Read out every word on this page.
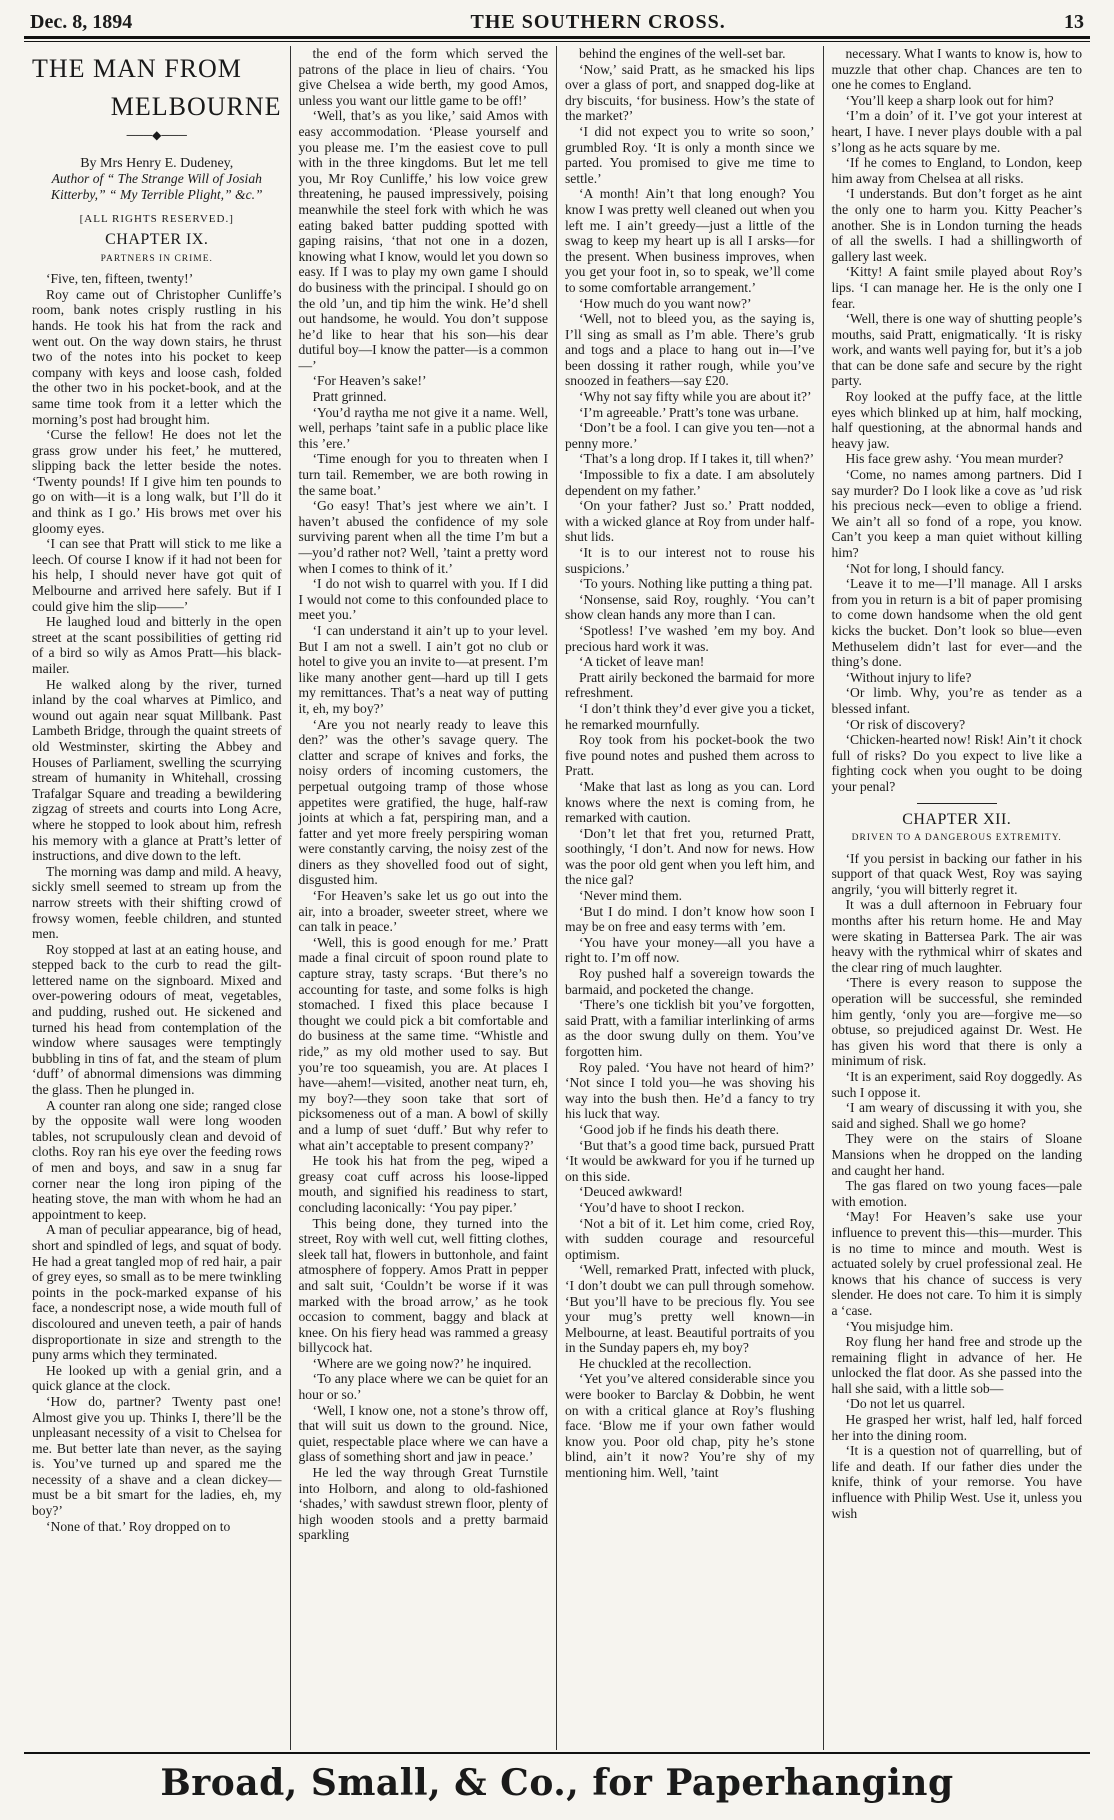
Dec. 8, 1894	THE SOUTHERN CROSS.	13
THE MAN FROM
MELBOURNE
───◆───
By Mrs Henry E. Dudeney,
Author of “ The Strange Will of Josiah Kitterby,” “ My Terrible Plight,” &c.”
[ALL RIGHTS RESERVED.]
CHAPTER IX.
PARTNERS IN CRIME.

‘Five, ten, fifteen, twenty!’

Roy came out of Christopher Cunliffe’s room, bank notes crisply rustling in his hands. He took his hat from the rack and went out. On the way down stairs, he thrust two of the notes into his pocket to keep company with keys and loose cash, folded the other two in his pocket-book, and at the same time took from it a letter which the morning’s post had brought him.

‘Curse the fellow! He does not let the grass grow under his feet,’ he muttered, slipping back the letter beside the notes. ‘Twenty pounds! If I give him ten pounds to go on with—it is a long walk, but I’ll do it and think as I go.’ His brows met over his gloomy eyes.

‘I can see that Pratt will stick to me like a leech. Of course I know if it had not been for his help, I should never have got quit of Melbourne and arrived here safely. But if I could give him the slip——’

He laughed loud and bitterly in the open street at the scant possibilities of getting rid of a bird so wily as Amos Pratt—his black-mailer.

He walked along by the river, turned inland by the coal wharves at Pimlico, and wound out again near squat Millbank. Past Lambeth Bridge, through the quaint streets of old Westminster, skirting the Abbey and Houses of Parliament, swelling the scurrying stream of humanity in Whitehall, crossing Trafalgar Square and treading a bewildering zigzag of streets and courts into Long Acre, where he stopped to look about him, refresh his memory with a glance at Pratt’s letter of instructions, and dive down to the left.

The morning was damp and mild. A heavy, sickly smell seemed to stream up from the narrow streets with their shifting crowd of frowsy women, feeble children, and stunted men.

Roy stopped at last at an eating house, and stepped back to the curb to read the gilt-lettered name on the signboard. Mixed and over-powering odours of meat, vegetables, and pudding, rushed out. He sickened and turned his head from contemplation of the window where sausages were temptingly bubbling in tins of fat, and the steam of plum ‘duff’ of abnormal dimensions was dimming the glass. Then he plunged in.

A counter ran along one side; ranged close by the opposite wall were long wooden tables, not scrupulously clean and devoid of cloths. Roy ran his eye over the feeding rows of men and boys, and saw in a snug far corner near the long iron piping of the heating stove, the man with whom he had an appointment to keep.

A man of peculiar appearance, big of head, short and spindled of legs, and squat of body. He had a great tangled mop of red hair, a pair of grey eyes, so small as to be mere twinkling points in the pock-marked expanse of his face, a nondescript nose, a wide mouth full of discoloured and uneven teeth, a pair of hands disproportionate in size and strength to the puny arms which they terminated.

He looked up with a genial grin, and a quick glance at the clock.

‘How do, partner? Twenty past one! Almost give you up. Thinks I, there’ll be the unpleasant necessity of a visit to Chelsea for me. But better late than never, as the saying is. You’ve turned up and spared me the necessity of a shave and a clean dickey—must be a bit smart for the ladies, eh, my boy?’

‘None of that.’ Roy dropped on to

the end of the form which served the patrons of the place in lieu of chairs. ‘You give Chelsea a wide berth, my good Amos, unless you want our little game to be off!’

‘Well, that’s as you like,’ said Amos with easy accommodation. ‘Please yourself and you please me. I’m the easiest cove to pull with in the three kingdoms. But let me tell you, Mr Roy Cunliffe,’ his low voice grew threatening, he paused impressively, poising meanwhile the steel fork with which he was eating baked batter pudding spotted with gaping raisins, ‘that not one in a dozen, knowing what I know, would let you down so easy. If I was to play my own game I should do business with the principal. I should go on the old ’un, and tip him the wink. He’d shell out handsome, he would. You don’t suppose he’d like to hear that his son—his dear dutiful boy—I know the patter—is a common—’

‘For Heaven’s sake!’

Pratt grinned.

‘You’d raytha me not give it a name. Well, well, perhaps ’taint safe in a public place like this ’ere.’

‘Time enough for you to threaten when I turn tail. Remember, we are both rowing in the same boat.’

‘Go easy! That’s jest where we ain’t. I haven’t abused the confidence of my sole surviving parent when all the time I’m but a—you’d rather not? Well, ’taint a pretty word when I comes to think of it.’

‘I do not wish to quarrel with you. If I did I would not come to this confounded place to meet you.’

‘I can understand it ain’t up to your level. But I am not a swell. I ain’t got no club or hotel to give you an invite to—at present. I’m like many another gent—hard up till I gets my remittances. That’s a neat way of putting it, eh, my boy?’

‘Are you not nearly ready to leave this den?’ was the other’s savage query. The clatter and scrape of knives and forks, the noisy orders of incoming customers, the perpetual outgoing tramp of those whose appetites were gratified, the huge, half-raw joints at which a fat, perspiring man, and a fatter and yet more freely perspiring woman were constantly carving, the noisy zest of the diners as they shovelled food out of sight, disgusted him.

‘For Heaven’s sake let us go out into the air, into a broader, sweeter street, where we can talk in peace.’

‘Well, this is good enough for me.’ Pratt made a final circuit of spoon round plate to capture stray, tasty scraps. ‘But there’s no accounting for taste, and some folks is high stomached. I fixed this place because I thought we could pick a bit comfortable and do business at the same time. “Whistle and ride,” as my old mother used to say. But you’re too squeamish, you are. At places I have—ahem!—visited, another neat turn, eh, my boy?—they soon take that sort of picksomeness out of a man. A bowl of skilly and a lump of suet ‘duff.’ But why refer to what ain’t acceptable to present company?’

He took his hat from the peg, wiped a greasy coat cuff across his loose-lipped mouth, and signified his readiness to start, concluding laconically: ‘You pay piper.’

This being done, they turned into the street, Roy with well cut, well fitting clothes, sleek tall hat, flowers in buttonhole, and faint atmosphere of foppery. Amos Pratt in pepper and salt suit, ‘Couldn’t be worse if it was marked with the broad arrow,’ as he took occasion to comment, baggy and black at knee. On his fiery head was rammed a greasy billycock hat.

‘Where are we going now?’ he inquired.

‘To any place where we can be quiet for an hour or so.’

‘Well, I know one, not a stone’s throw off, that will suit us down to the ground. Nice, quiet, respectable place where we can have a glass of something short and jaw in peace.’

He led the way through Great Turnstile into Holborn, and along to old-fashioned ‘shades,’ with sawdust strewn floor, plenty of high wooden stools and a pretty barmaid sparkling

behind the engines of the well-set bar.

‘Now,’ said Pratt, as he smacked his lips over a glass of port, and snapped dog-like at dry biscuits, ‘for business. How’s the state of the market?’

‘I did not expect you to write so soon,’ grumbled Roy. ‘It is only a month since we parted. You promised to give me time to settle.’

‘A month! Ain’t that long enough? You know I was pretty well cleaned out when you left me. I ain’t greedy—just a little of the swag to keep my heart up is all I arsks—for the present. When business improves, when you get your foot in, so to speak, we’ll come to some comfortable arrangement.’

‘How much do you want now?’

‘Well, not to bleed you, as the saying is, I’ll sing as small as I’m able. There’s grub and togs and a place to hang out in—I’ve been dossing it rather rough, while you’ve snoozed in feathers—say £20.

‘Why not say fifty while you are about it?’

‘I’m agreeable.’ Pratt’s tone was urbane.

‘Don’t be a fool. I can give you ten—not a penny more.’

‘That’s a long drop. If I takes it, till when?’

‘Impossible to fix a date. I am absolutely dependent on my father.’

‘On your father? Just so.’ Pratt nodded, with a wicked glance at Roy from under half-shut lids.

‘It is to our interest not to rouse his suspicions.’

‘To yours. Nothing like putting a thing pat.

‘Nonsense, said Roy, roughly. ‘You can’t show clean hands any more than I can.

‘Spotless! I’ve washed ’em my boy. And precious hard work it was.

‘A ticket of leave man!

Pratt airily beckoned the barmaid for more refreshment.

‘I don’t think they’d ever give you a ticket, he remarked mournfully.

Roy took from his pocket-book the two five pound notes and pushed them across to Pratt.

‘Make that last as long as you can. Lord knows where the next is coming from, he remarked with caution.

‘Don’t let that fret you, returned Pratt, soothingly, ‘I don’t. And now for news. How was the poor old gent when you left him, and the nice gal?

‘Never mind them.

‘But I do mind. I don’t know how soon I may be on free and easy terms with ’em.

‘You have your money—all you have a right to. I’m off now.

Roy pushed half a sovereign towards the barmaid, and pocketed the change.

‘There’s one ticklish bit you’ve forgotten, said Pratt, with a familiar interlinking of arms as the door swung dully on them. You’ve forgotten him.

Roy paled. ‘You have not heard of him?’ ‘Not since I told you—he was shoving his way into the bush then. He’d a fancy to try his luck that way.

‘Good job if he finds his death there.

‘But that’s a good time back, pursued Pratt ‘It would be awkward for you if he turned up on this side.

‘Deuced awkward!

‘You’d have to shoot I reckon.

‘Not a bit of it. Let him come, cried Roy, with sudden courage and resourceful optimism.

‘Well, remarked Pratt, infected with pluck, ‘I don’t doubt we can pull through somehow. ‘But you’ll have to be precious fly. You see your mug’s pretty well known—in Melbourne, at least. Beautiful portraits of you in the Sunday papers eh, my boy?

He chuckled at the recollection.

‘Yet you’ve altered considerable since you were booker to Barclay & Dobbin, he went on with a critical glance at Roy’s flushing face. ‘Blow me if your own father would know you. Poor old chap, pity he’s stone blind, ain’t it now? You’re shy of my mentioning him. Well, ’taint

necessary. What I wants to know is, how to muzzle that other chap. Chances are ten to one he comes to England.

‘You’ll keep a sharp look out for him?

‘I’m a doin’ of it. I’ve got your interest at heart, I have. I never plays double with a pal s’long as he acts square by me.

‘If he comes to England, to London, keep him away from Chelsea at all risks.

‘I understands. But don’t forget as he aint the only one to harm you. Kitty Peacher’s another. She is in London turning the heads of all the swells. I had a shillingworth of gallery last week.

‘Kitty! A faint smile played about Roy’s lips. ‘I can manage her. He is the only one I fear.

‘Well, there is one way of shutting people’s mouths, said Pratt, enigmatically. ‘It is risky work, and wants well paying for, but it’s a job that can be done safe and secure by the right party.

Roy looked at the puffy face, at the little eyes which blinked up at him, half mocking, half questioning, at the abnormal hands and heavy jaw.

His face grew ashy. ‘You mean murder?

‘Come, no names among partners. Did I say murder? Do I look like a cove as ’ud risk his precious neck—even to oblige a friend. We ain’t all so fond of a rope, you know. Can’t you keep a man quiet without killing him?

‘Not for long, I should fancy.

‘Leave it to me—I’ll manage. All I arsks from you in return is a bit of paper promising to come down handsome when the old gent kicks the bucket. Don’t look so blue—even Methuselem didn’t last for ever—and the thing’s done.

‘Without injury to life?

‘Or limb. Why, you’re as tender as a blessed infant.

‘Or risk of discovery?

‘Chicken-hearted now! Risk! Ain’t it chock full of risks? Do you expect to live like a fighting cock when you ought to be doing your penal?

CHAPTER XII.
DRIVEN TO A DANGEROUS EXTREMITY.

‘If you persist in backing our father in his support of that quack West, Roy was saying angrily, ‘you will bitterly regret it.

It was a dull afternoon in February four months after his return home. He and May were skating in Battersea Park. The air was heavy with the rythmical whirr of skates and the clear ring of much laughter.

‘There is every reason to suppose the operation will be successful, she reminded him gently, ‘only you are—forgive me—so obtuse, so prejudiced against Dr. West. He has given his word that there is only a minimum of risk.

‘It is an experiment, said Roy doggedly. As such I oppose it.

‘I am weary of discussing it with you, she said and sighed. Shall we go home?

They were on the stairs of Sloane Mansions when he dropped on the landing and caught her hand.

The gas flared on two young faces—pale with emotion.

‘May! For Heaven’s sake use your influence to prevent this—this—murder. This is no time to mince and mouth. West is actuated solely by cruel professional zeal. He knows that his chance of success is very slender. He does not care. To him it is simply a ‘case.

‘You misjudge him.

Roy flung her hand free and strode up the remaining flight in advance of her. He unlocked the flat door. As she passed into the hall she said, with a little sob—

‘Do not let us quarrel.

He grasped her wrist, half led, half forced her into the dining room.

‘It is a question not of quarrelling, but of life and death. If our father dies under the knife, think of your remorse. You have influence with Philip West. Use it, unless you wish

Broad, Small, & Co., for Paperhanging
